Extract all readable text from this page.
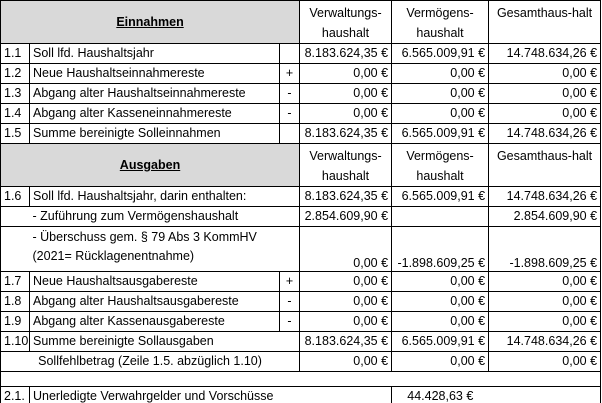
Einnahmen			Verwaltungs-haushalt	Vermögens-haushalt	Gesamthaus-halt
1.1	Soll lfd. Haushaltsjahr		8.183.624,35 €	6.565.009,91 €	14.748.634,26 €
1.2	Neue Haushaltseinnahmereste	+	0,00 €	0,00 €	0,00 €
1.3	Abgang alter Haushaltseinnahmereste	-	0,00 €	0,00 €	0,00 €
1.4	Abgang alter Kasseneinnahmereste	-	0,00 €	0,00 €	0,00 €
1.5	Summe bereinigte Solleinnahmen		8.183.624,35 €	6.565.009,91 €	14.748.634,26 €
Ausgaben			Verwaltungs-haushalt	Vermögens-haushalt	Gesamthaus-halt
1.6	Soll lfd. Haushaltsjahr, darin enthalten:		8.183.624,35 €	6.565.009,91 €	14.748.634,26 €
	- Zuführung zum Vermögenshaushalt		2.854.609,90 €		2.854.609,90 €
	- Überschuss gem. § 79 Abs 3 KommHV (2021= Rücklagenentnahme)		0,00 €	-1.898.609,25 €	-1.898.609,25 €
1.7	Neue Haushaltsausgabereste	+	0,00 €	0,00 €	0,00 €
1.8	Abgang alter Haushaltsausgabereste	-	0,00 €	0,00 €	0,00 €
1.9	Abgang alter Kassenausgabereste	-	0,00 €	0,00 €	0,00 €
1.10	Summe bereinigte Sollausgaben		8.183.624,35 €	6.565.009,91 €	14.748.634,26 €
Sollfehlbetrag (Zeile 1.5. abzüglich 1.10)			0,00 €	0,00 €	0,00 €

2.1.	Unerledigte Verwahrgelder und Vorschüsse			44.428,63 €	
